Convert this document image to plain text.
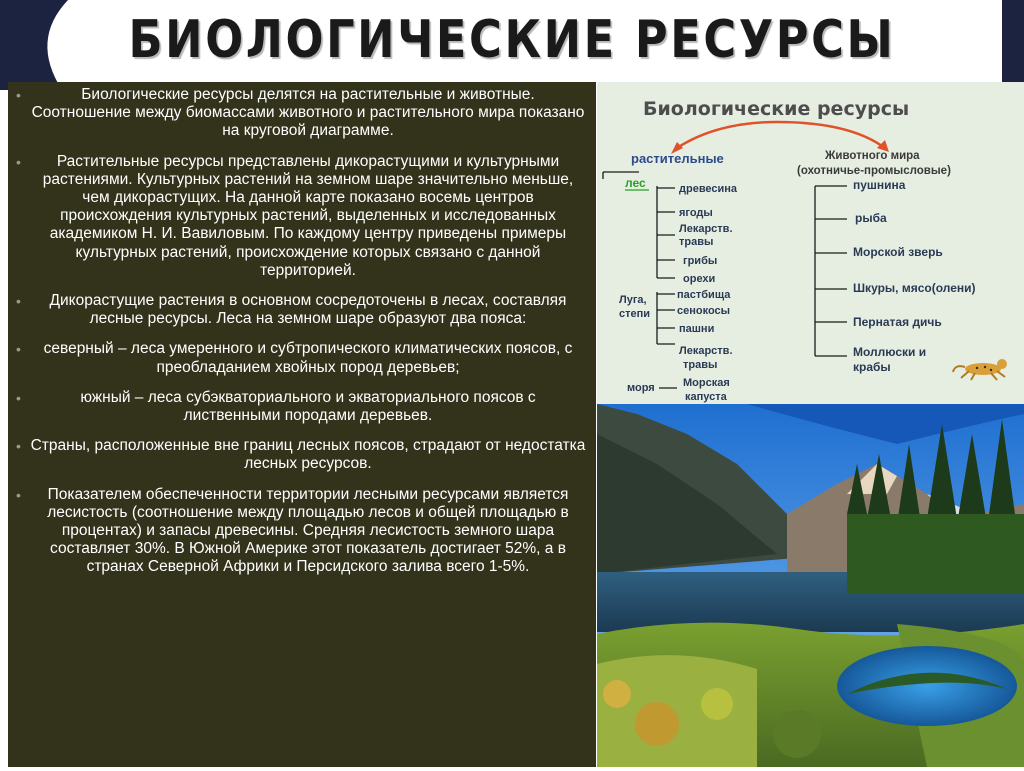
БИОЛОГИЧЕСКИЕ РЕСУРСЫ
•	Биологические ресурсы делятся на растительные и животные. Соотношение между биомассами животного и растительного мира показано на круговой диаграмме.
• Растительные ресурсы представлены дикорастущими и культурными растениями. Культурных растений на земном шаре значительно меньше, чем дикорастущих. На данной карте показано восемь центров происхождения культурных растений, выделенных и исследованных академиком Н. И. Вавиловым. По каждому центру приведены примеры культурных растений, происхождение которых связано с данной территорией.
• Дикорастущие растения в основном сосредоточены в лесах, составляя лесные ресурсы. Леса на земном шаре образуют два пояса:
• северный – леса умеренного и субтропического климатических поясов, с преобладанием хвойных пород деревьев;
•	южный – леса субэкваториального и экваториального поясов с лиственными породами деревьев.
• Страны, расположенные вне границ лесных поясов, страдают от недостатка лесных ресурсов.
• Показателем обеспеченности территории лесными ресурсами является лесистость (соотношение между площадью лесов и общей площадью в процентах) и запасы древесины. Средняя лесистость земного шара составляет 30%. В Южной Америке этот показатель достигает 52%, а в странах Северной Африки и Персидского залива всего 1-5%.
Биологические ресурсы
растительные	Животного мира
(охотничье-промысловые)
лес
Луга,
степи
моря
древесина
ягоды
Лекарств.
травы
грибы
орехи
пастбища
сенокосы
пашни
Лекарств.
травы
Морская
капуста
пушнина
рыба
Морской зверь
Шкуры, мясо(олени)
Пернатая дичь
Моллюски и
крабы
